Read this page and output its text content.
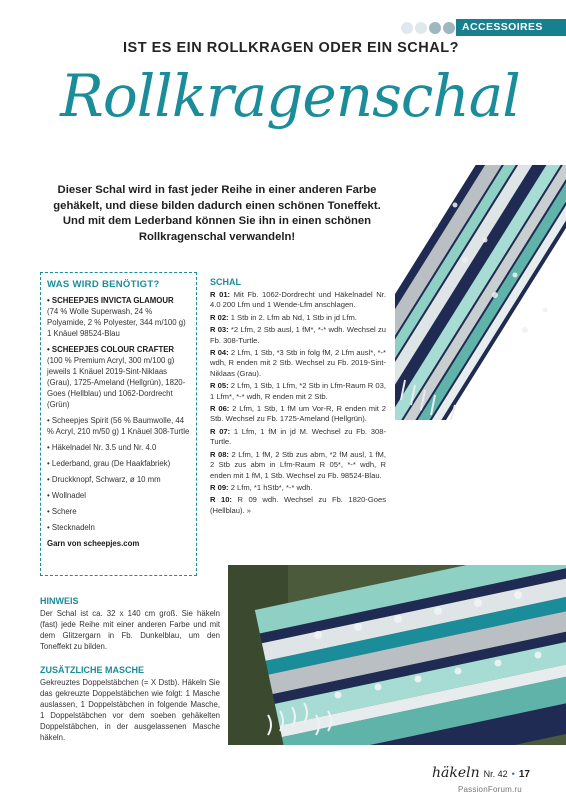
ACCESSOIRES
IST ES EIN ROLLKRAGEN ODER EIN SCHAL?
Rollkragenschal
Dieser Schal wird in fast jeder Reihe in einer anderen Farbe gehäkelt, und diese bilden dadurch einen schönen Toneffekt. Und mit dem Lederband können Sie ihn in einen schönen Rollkragenschal verwandeln!
WAS WIRD BENÖTIGT?
• SCHEEPJES INVICTA GLAMOUR
(74 % Wolle Superwash, 24 % Polyamide, 2 % Polyester, 344 m/100 g) 1 Knäuel 98524-Blau
• SCHEEPJES COLOUR CRAFTER
(100 % Premium Acryl, 300 m/100 g) jeweils 1 Knäuel 2019-Sint-Niklaas (Grau), 1725-Ameland (Hellgrün), 1820-Goes (Hellblau) und 1062-Dordrecht (Grün)
• Scheepjes Spirit (56 % Baumwolle, 44 % Acryl, 210 m/50 g) 1 Knäuel 308-Turtle
• Häkelnadel Nr. 3.5 und Nr. 4.0
• Lederband, grau (De Haakfabriek)
• Druckknopf, Schwarz, ø 10 mm
• Wollnadel
• Schere
• Stecknadeln
Garn von scheepjes.com
SCHAL

R 01: Mit Fb. 1062-Dordrecht und Häkelnadel Nr. 4.0 200 Lfm und 1 Wende-Lfm anschlagen.

R 02: 1 Stb in 2. Lfm ab Nd, 1 Stb in jd Lfm.

R 03: *2 Lfm, 2 Stb ausl, 1 fM*, *-* wdh. Wechsel zu Fb. 308-Turtle.

R 04: 2 Lfm, 1 Stb, *3 Stb in folg fM, 2 Lfm ausl*, *-* wdh, R enden mit 2 Stb. Wechsel zu Fb. 2019-Sint-Niklaas (Grau).

R 05: 2 Lfm, 1 Stb, 1 Lfm, *2 Stb in Lfm-Raum R 03, 1 Lfm*, *-* wdh, R enden mit 2 Stb.

R 06: 2 Lfm, 1 Stb, 1 fM um Vor-R, R enden mit 2 Stb. Wechsel zu Fb. 1725-Ameland (Hellgrün).

R 07: 1 Lfm, 1 fM in jd M. Wechsel zu Fb. 308-Turtle.

R 08: 2 Lfm, 1 fM, 2 Stb zus abm, *2 fM ausl, 1 fM, 2 Stb zus abm in Lfm-Raum R 05*, *-* wdh, R enden mit 1 fM, 1 Stb. Wechsel zu Fb. 98524-Blau.

R 09: 2 Lfm, *1 hStb*, *-* wdh.

R 10: R 09 wdh. Wechsel zu Fb. 1820-Goes (Hellblau). »

HINWEIS

Der Schal ist ca. 32 x 140 cm groß. Sie häkeln (fast) jede Reihe mit einer anderen Farbe und mit dem Glitzergarn in Fb. Dunkelblau, um den Toneffekt zu bilden.

ZUSÄTZLICHE MASCHE

Gekreuztes Doppelstäbchen (= X Dstb). Häkeln Sie das gekreuzte Doppelstäbchen wie folgt: 1 Masche auslassen, 1 Doppelstäbchen in folgende Masche, 1 Doppelstäbchen vor dem soeben gehäkelten Doppelstäbchen, in der ausgelassenen Masche häkeln.

häkeln Nr. 42 • 17
PassionForum.ru
